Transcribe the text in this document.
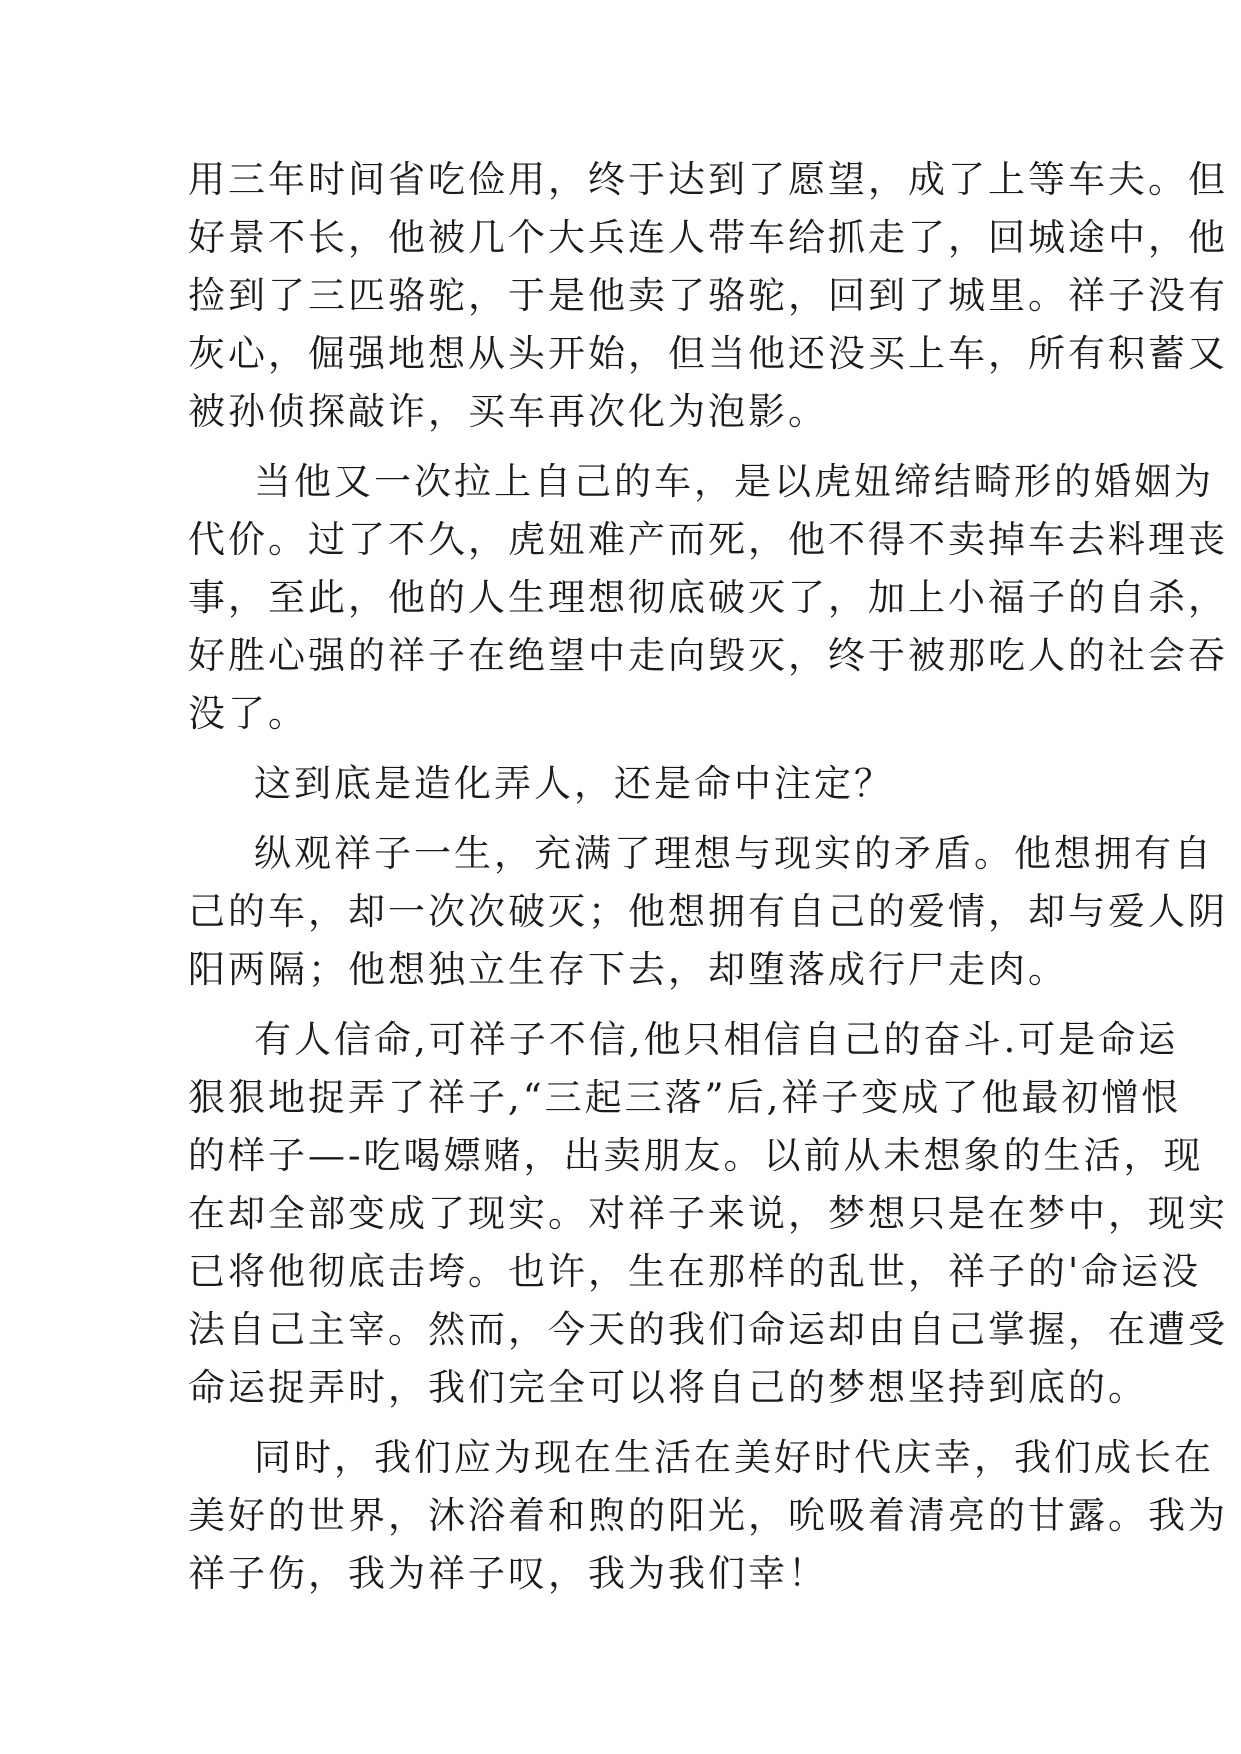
用三年时间省吃俭用，终于达到了愿望，成了上等车夫。但
好景不长，他被几个大兵连人带车给抓走了，回城途中，他
捡到了三匹骆驼，于是他卖了骆驼，回到了城里。祥子没有
灰心，倔强地想从头开始，但当他还没买上车，所有积蓄又
被孙侦探敲诈，买车再次化为泡影。
当他又一次拉上自己的车，是以虎妞缔结畸形的婚姻为
代价。过了不久，虎妞难产而死，他不得不卖掉车去料理丧
事，至此，他的人生理想彻底破灭了，加上小福子的自杀，
好胜心强的祥子在绝望中走向毁灭，终于被那吃人的社会吞
没了。
这到底是造化弄人，还是命中注定？
纵观祥子一生，充满了理想与现实的矛盾。他想拥有自
己的车，却一次次破灭；他想拥有自己的爱情，却与爱人阴
阳两隔；他想独立生存下去，却堕落成行尸走肉。
有人信命,可祥子不信,他只相信自己的奋斗.可是命运
狠狠地捉弄了祥子,“三起三落”后,祥子变成了他最初憎恨
的样子—-吃喝嫖赌，出卖朋友。以前从未想象的生活，现
在却全部变成了现实。对祥子来说，梦想只是在梦中，现实
已将他彻底击垮。也许，生在那样的乱世，祥子的'命运没
法自己主宰。然而，今天的我们命运却由自己掌握，在遭受
命运捉弄时，我们完全可以将自己的梦想坚持到底的。
同时，我们应为现在生活在美好时代庆幸，我们成长在
美好的世界，沐浴着和煦的阳光，吮吸着清亮的甘露。我为
祥子伤，我为祥子叹，我为我们幸！
